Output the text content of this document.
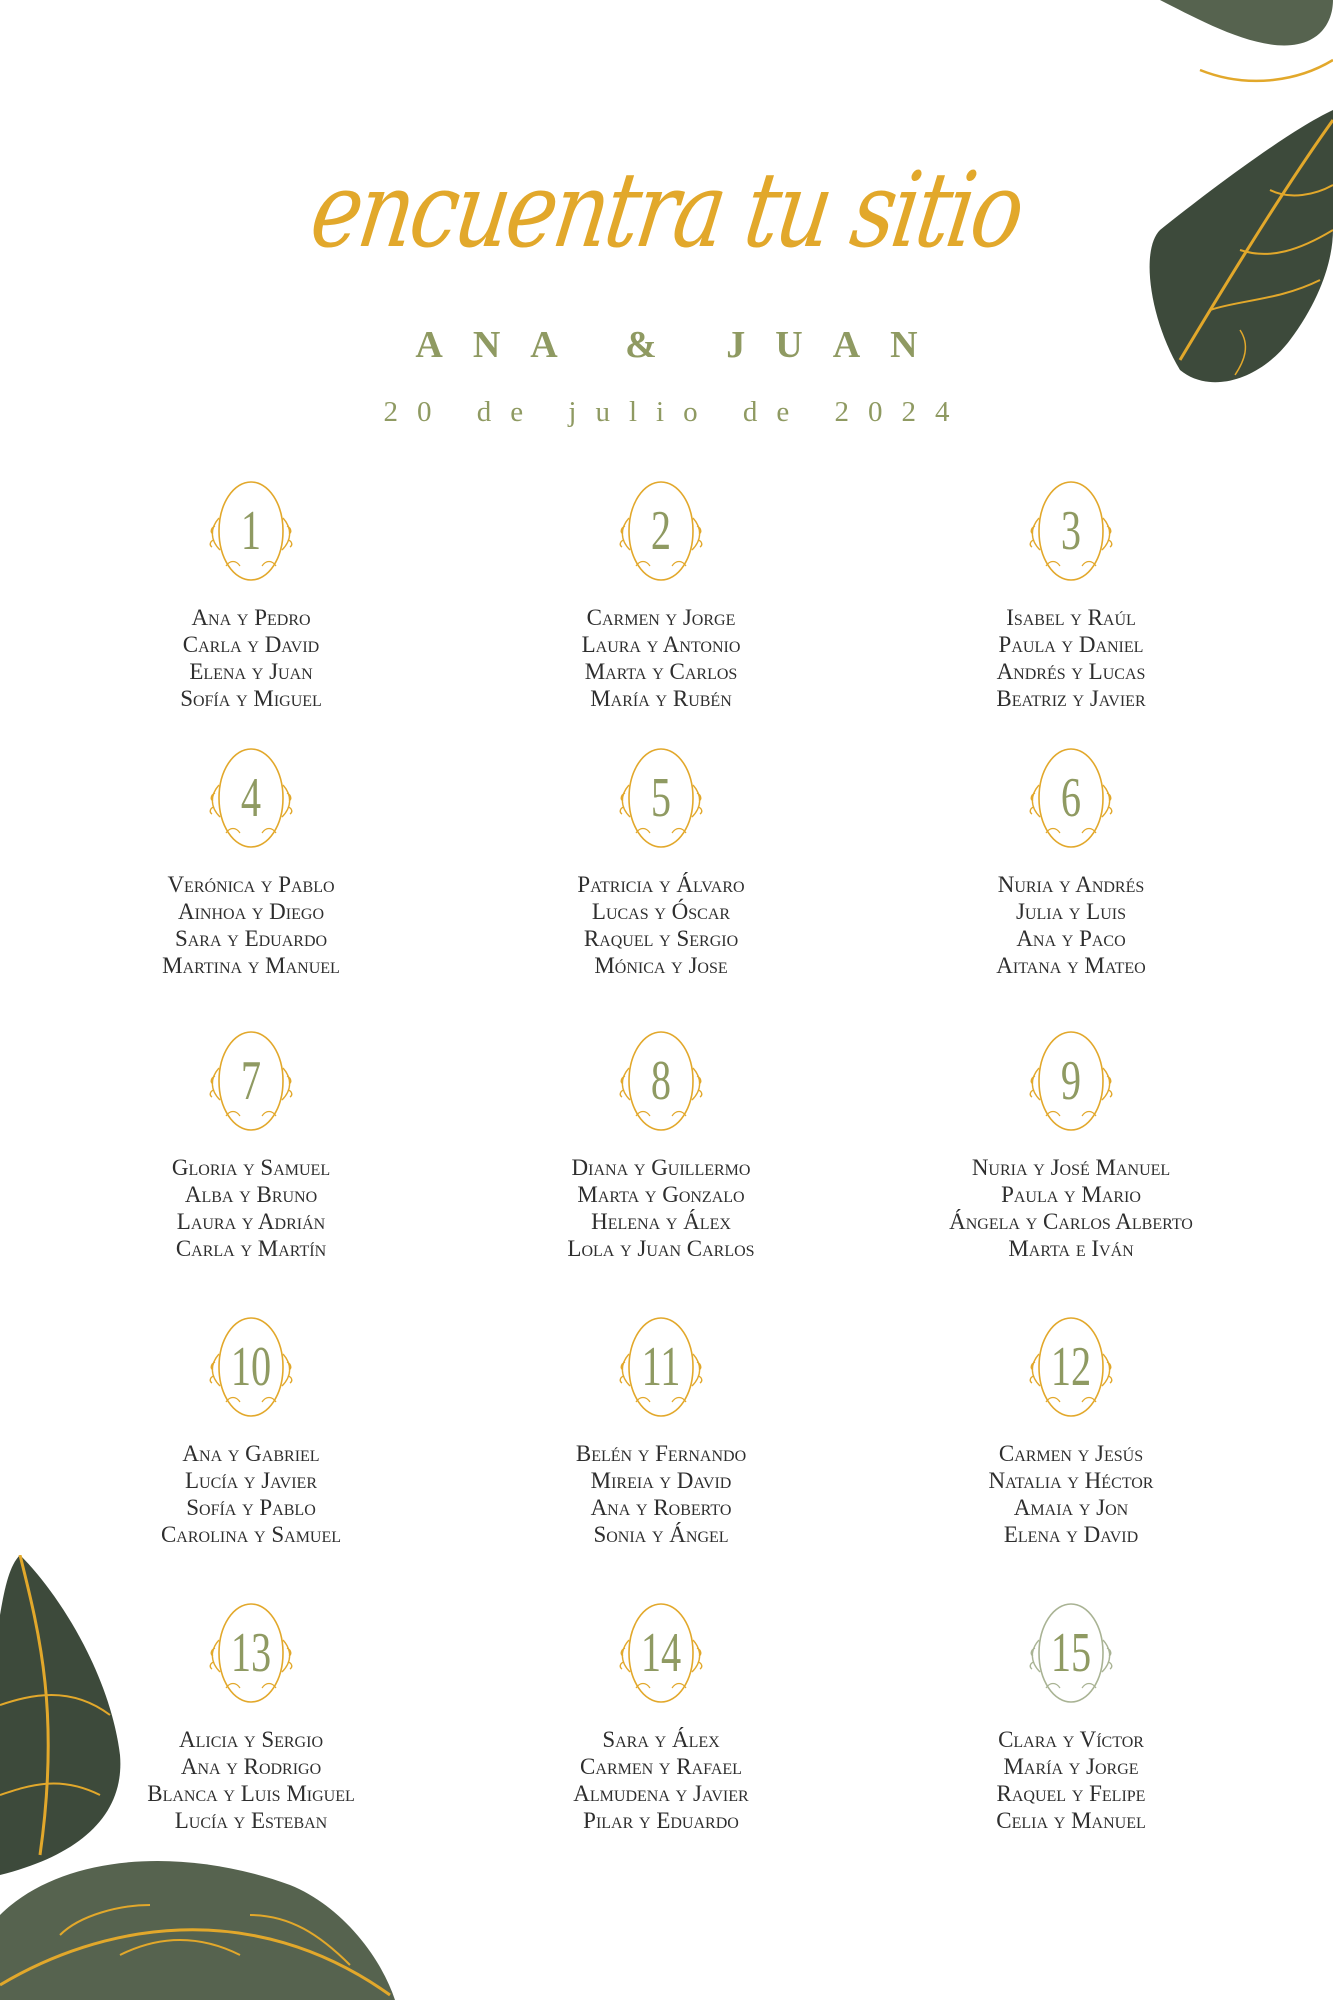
encuentra tu sitio
ANA & JUAN
20 de julio de 2024
1
Ana y Pedro
Carla y David
Elena y Juan
Sofía y Miguel
2
Carmen y Jorge
Laura y Antonio
Marta y Carlos
María y Rubén
3
Isabel y Raúl
Paula y Daniel
Andrés y Lucas
Beatriz y Javier
4
Verónica y Pablo
Ainhoa y Diego
Sara y Eduardo
Martina y Manuel
5
Patricia y Álvaro
Lucas y Óscar
Raquel y Sergio
Mónica y Jose
6
Nuria y Andrés
Julia y Luis
Ana y Paco
Aitana y Mateo
7
Gloria y Samuel
Alba y Bruno
Laura y Adrián
Carla y Martín
8
Diana y Guillermo
Marta y Gonzalo
Helena y Álex
Lola y Juan Carlos
9
Nuria y José Manuel
Paula y Mario
Ángela y Carlos Alberto
Marta e Iván
10
Ana y Gabriel
Lucía y Javier
Sofía y Pablo
Carolina y Samuel
11
Belén y Fernando
Mireia y David
Ana y Roberto
Sonia y Ángel
12
Carmen y Jesús
Natalia y Héctor
Amaia y Jon
Elena y David
13
Alicia y Sergio
Ana y Rodrigo
Blanca y Luis Miguel
Lucía y Esteban
14
Sara y Álex
Carmen y Rafael
Almudena y Javier
Pilar y Eduardo
15
Clara y Víctor
María y Jorge
Raquel y Felipe
Celia y Manuel
